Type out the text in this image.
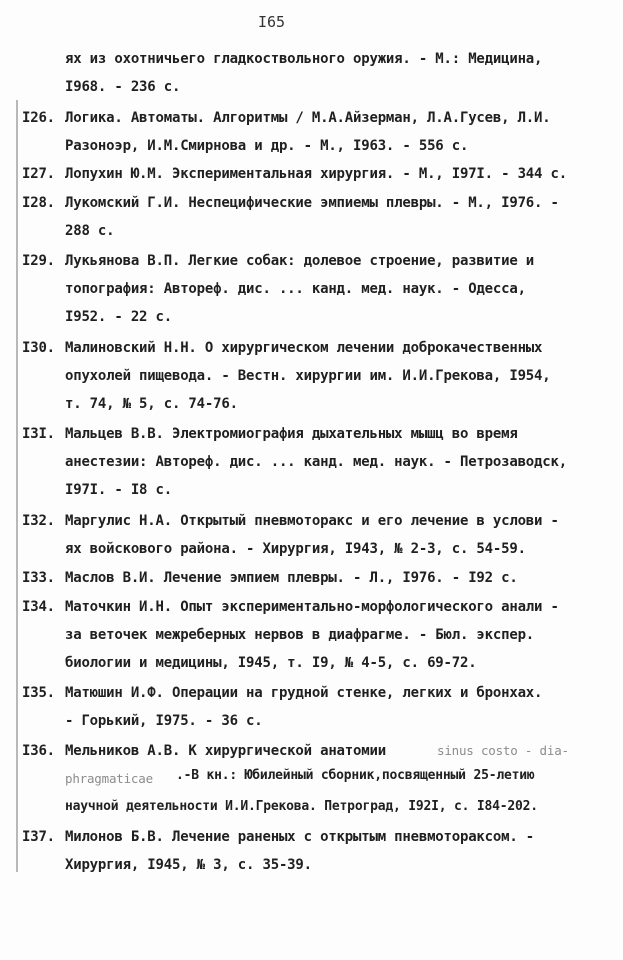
I65
ях из охотничьего гладкоствольного оружия. - М.: Медицина,
I968. - 236 с.
I26. Логика. Автоматы. Алгоритмы / М.А.Айзерман, Л.А.Гусев, Л.И.
Разоноэр, И.М.Смирнова и др. - М., I963. - 556 с.
I27. Лопухин Ю.М. Экспериментальная хирургия. - М., I97I. - 344 с.
I28. Лукомский Г.И. Неспецифические эмпиемы плевры. - М., I976. -
288 с.
I29. Лукьянова В.П. Легкие собак: долевое строение, развитие и
топография: Автореф. дис. ... канд. мед. наук. - Одесса,
I952. - 22 с.
I30. Малиновский Н.Н. О хирургическом лечении доброкачественных
опухолей пищевода. - Вестн. хирургии им. И.И.Грекова, I954,
т. 74, № 5, с. 74-76.
I3I. Мальцев В.В. Электромиография дыхательных мышц во время
анестезии: Автореф. дис. ... канд. мед. наук. - Петрозаводск,
I97I. - I8 с.
I32. Маргулис Н.А. Открытый пневмоторакс и его лечение в услови -
ях войскового района. - Хирургия, I943, № 2-3, с. 54-59.
I33. Маслов В.И. Лечение эмпием плевры. - Л., I976. - I92 с.
I34. Маточкин И.Н. Опыт экспериментально-морфологического анали -
за веточек межреберных нервов в диафрагме. - Бюл. экспер.
биологии и медицины, I945, т. I9, № 4-5, с. 69-72.
I35. Матюшин И.Ф. Операции на грудной стенке, легких и бронхах.
- Горький, I975. - 36 с.
I36. Мельников А.В. К хирургической анатомии	sinus costo - dia-
phragmaticae .-В кн.: Юбилейный сборник,посвященный 25-летию
научной деятельности И.И.Грекова. Петроград, I92I, с. I84-202.
I37. Милонов Б.В. Лечение раненых с открытым пневмотораксом. -
Хирургия, I945, № 3, с. 35-39.
